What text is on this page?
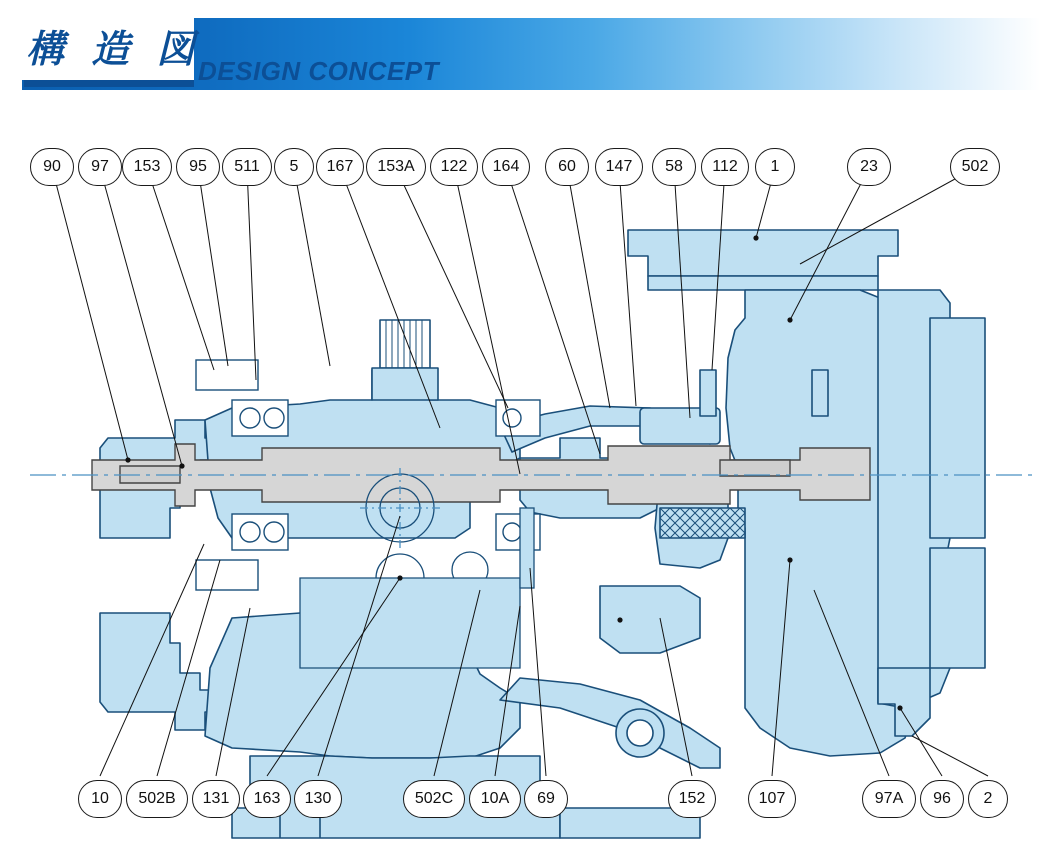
構 造 図
DESIGN CONCEPT
90	97	153	95	511	5	167	153A	122	164	60	147	58	112	1	23	502
10	502B	131	163	130	502C	10A	69	152	107	97A	96	2
